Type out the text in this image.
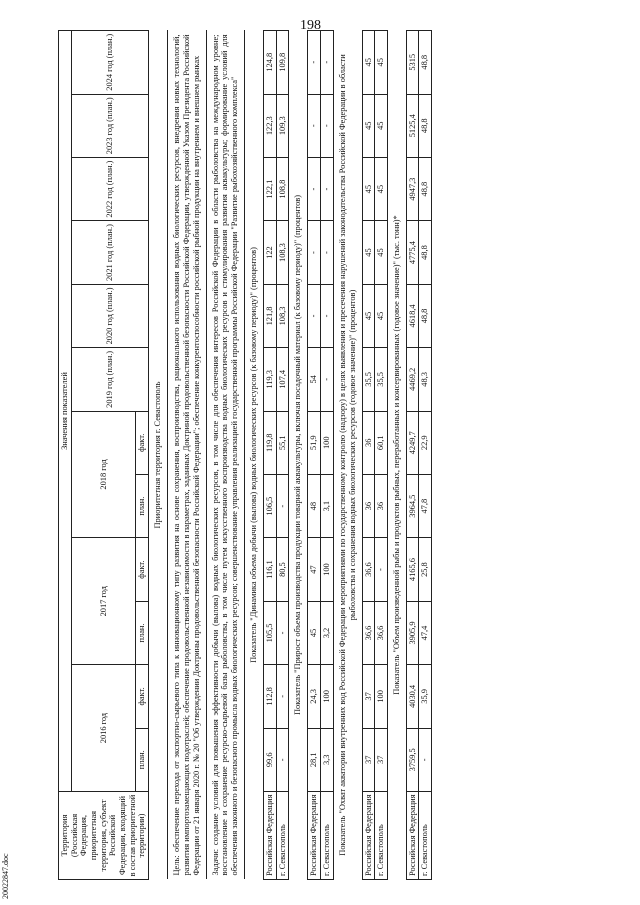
198
Территория (Российская Федерация, приоритетная территория, субъект Российской Федерации, входящий в состав приоритетной территории)	Значения показателей											
	2016 год		2017 год		2018 год		2019 год (план.)	2020 год (план.)	2021 год (план.)	2022 год (план.)	2023 год (план.)	2024 год (план.)
	план.	факт.	план.	факт.	план.	факт.						
Приоритетная территория г. Севастополь												
Цель: обеспечение перехода от экспортно-сырьевого типа к инновационному типу развития на основе сохранения, воспроизводства, рационального использования водных биологических ресурсов, внедрения новых технологий, развития импортозамещающих подотраслей; обеспечение продовольственной независимости в параметрах, заданных Доктриной продовольственной безопасности Российской Федерации, утвержденной Указом Президента Российской Федерации от 21 января 2020 г. № 20 "Об утверждении Доктрины продовольственной безопасности Российской Федерации"; обеспечение конкурентоспособности российской рыбной продукции на внутреннем и внешнем рынках												
Задачи: создание условий для повышения эффективности добычи (вылова) водных биологических ресурсов, в том числе для обеспечения интересов Российской Федерации в области рыболовства на международном уровне; восстановление и сохранение ресурсно-сырьевой базы рыболовства, в том числе путем искусственного воспроизводства водных биологических ресурсов и стимулирования развития аквакультуры; формирование условий для обеспечения законного и безопасного промысла водных биологических ресурсов; совершенствование управления реализацией государственной программы Российской Федерации "Развитие рыбохозяйственного комплекса"												
Показатель "Динамика объема добычи (вылова) водных биологических ресурсов (к базовому периоду)" (процентов)												
Российская Федерация	99,6	112,8	105,5	116,1	106,5	119,8	119,3	121,8	122	122,1	122,3	124,8
г. Севастополь	-	-	-	80,5	-	55,1	107,4	108,3	108,3	108,8	109,3	109,8
Показатель "Прирост объема производства продукции товарной аквакультуры, включая посадочный материал (к базовому периоду)" (процентов)												
Российская Федерация	28,1	24,3	45	47	48	51,9	54	-	-	-	-	-
г. Севастополь	3,3	100	3,2	100	3,1	100	-	-	-	-	-	-
Показатель "Охват акватории внутренних вод Российской Федерации мероприятиями по государственному контролю (надзору) в целях выявления и пресечения нарушений законодательства Российской Федерации в области рыболовства и сохранения водных биологических ресурсов (годовое значение)" (процентов)												
Российская Федерация	37	37	36,6	36,6	36	36	35,5	45	45	45	45	45
г. Севастополь	37	100	36,6	-	36	60,1	35,5	45	45	45	45	45
Показатель "Объем произведенной рыбы и продуктов рыбных, переработанных и консервированных (годовое значение)" (тыс. тонн)*												
Российская Федерация	3759,5	4030,4	3905,9	4165,6	3964,5	4249,7	4469,2	4618,4	4775,4	4947,3	5125,4	5315
г. Севастополь	-	35,9	47,4	25,8	47,8	22,9	48,3	48,8	48,8	48,8	48,8	48,8
20022847.doc
